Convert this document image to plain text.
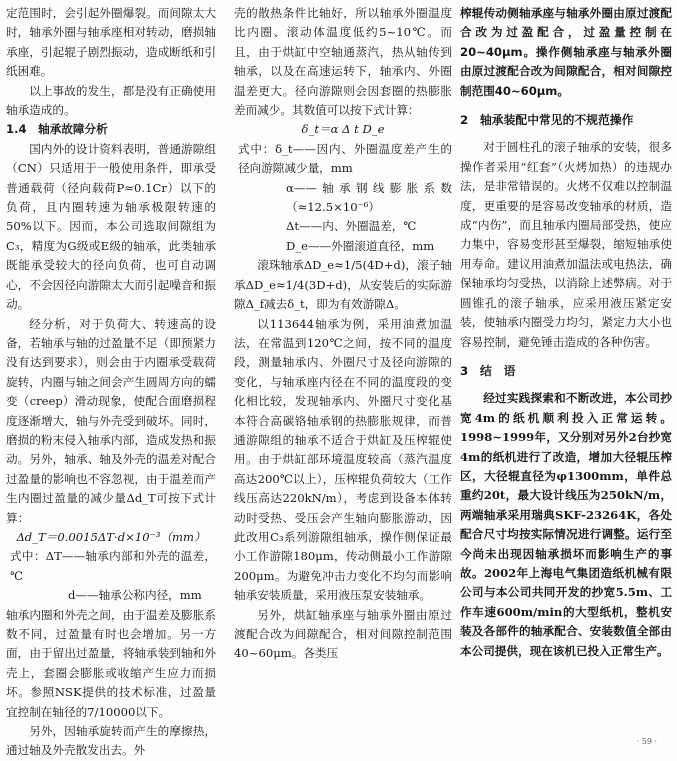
定范围时，会引起外圈爆裂。而间隙太大时，轴承外圈与轴承座相对转动，磨损轴承座，引起辊子剧烈振动，造成断纸和引纸困难。

以上事故的发生，都是没有正确使用轴承造成的。

1.4　轴承故障分析

国内外的设计资料表明，普通游隙组（CN）只适用于一般使用条件，即承受普通载荷（径向载荷P≈0.1Cr）以下的负荷，且内圈转速为轴承极限转速的50%以下。因而，本公司选取间隙组为C₃，精度为G级或E级的轴承，此类轴承既能承受较大的径向负荷，也可自动调心，不会因径向游隙太大而引起噪音和振动。

经分析，对于负荷大、转速高的设备，若轴承与轴的过盈量不足（即预紧力没有达到要求），则会由于内圈承受载荷旋转，内圈与轴之间会产生圆周方向的蠕变（creep）滑动现象，使配合面磨损程度逐渐增大，轴与外壳受到破坏。同时，磨损的粉末侵入轴承内部，造成发热和振动。另外，轴承、轴及外壳的温差对配合过盈量的影响也不容忽视，由于温差而产生内圈过盈量的减少量Δd_T可按下式计算：

Δd_T＝0.0015ΔT·d×10⁻³（mm）

式中：ΔT——轴承内部和外壳的温差，℃

d——轴承公称内径，mm

轴承内圈和外壳之间，由于温差及膨胀系数不同，过盈量有时也会增加。另一方面，由于留出过盈量，将轴承装到轴和外壳上，套圈会膨胀或收缩产生应力而损坏。参照NSK提供的技术标准，过盈量宜控制在轴径的7/10000以下。

另外，因轴承旋转而产生的摩擦热，通过轴及外壳散发出去。外

壳的散热条件比轴好，所以轴承外圈温度比内圈、滚动体温度低约5~10℃。而且，由于烘缸中空轴通蒸汽，热从轴传到轴承，以及在高速运转下，轴承内、外圈温差更大。径向游隙则会因套圈的热膨胀差而减少。其数值可以按下式计算：

δ_t＝α Δ t D_e

式中：δ_t——因内、外圈温度差产生的径向游隙减少量，mm

α——轴承钢线膨胀系数（≈12.5×10⁻⁶）

Δt——内、外圈温差，℃

D_e——外圈滚道直径，mm

滚珠轴承ΔD_e≈1/5(4D+d)，滚子轴承ΔD_e≈1/4(3D+d)，从安装后的实际游隙Δ_f减去δ_t，即为有效游隙Δ。

以113644轴承为例，采用油煮加温法，在常温到120℃之间，按不同的温度段，测量轴承内、外圈尺寸及径向游隙的变化，与轴承座内径在不同的温度段的变化相比较，发现轴承内、外圈尺寸变化基本符合高碳铬轴承钢的热膨胀规律，而普通游隙组的轴承不适合于烘缸及压榨辊使用。由于烘缸部环境温度较高（蒸汽温度高达200℃以上），压榨辊负荷较大（工作线压高达220kN/m），考虑到设备本体转动时受热、受压会产生轴向膨胀游动，因此改用C₃系列游隙组轴承，操作侧保证最小工作游隙180μm，传动侧最小工作游隙200μm。为避免冲击力变化不均匀而影响轴承安装质量，采用液压泵安装轴承。

另外，烘缸轴承座与轴承外圈由原过渡配合改为间隙配合，相对间隙控制范围40~60μm。各类压

榨辊传动侧轴承座与轴承外圈由原过渡配合改为过盈配合，过盈量控制在20~40μm。操作侧轴承座与轴承外圈由原过渡配合改为间隙配合，相对间隙控制范围40~60μm。

2　轴承装配中常见的不规范操作

对于圆柱孔的滚子轴承的安装，很多操作者采用“红套”（火烤加热）的违规办法，是非常错误的。火烤不仅难以控制温度，更重要的是容易改变轴承的材质，造成“内伤”，而且轴承内圈局部受热，使应力集中，容易变形甚至爆裂，缩短轴承使用寿命。建议用油煮加温法或电热法，确保轴承均匀受热，以消除上述弊病。对于圆锥孔的滚子轴承，应采用液压紧定安装，使轴承内圈受力均匀，紧定力大小也容易控制，避免锤击造成的各种伤害。

3　结　语

经过实践探索和不断改进，本公司抄宽4m的纸机顺利投入正常运转。1998~1999年，又分别对另外2台抄宽4m的纸机进行了改造，增加大径辊压榨区，大径辊直径为φ1300mm，单件总重约20t，最大设计线压为250kN/m，两端轴承采用瑞典SKF-23264K，各处配合尺寸均按实际情况进行调整。运行至今尚未出现因轴承损坏而影响生产的事故。2002年上海电气集团造纸机械有限公司与本公司共同开发的抄宽5.5m、工作车速600m/min的大型纸机，整机安装及各部件的轴承配合、安装数值全部由本公司提供，现在该机已投入正常生产。

· 59 ·
